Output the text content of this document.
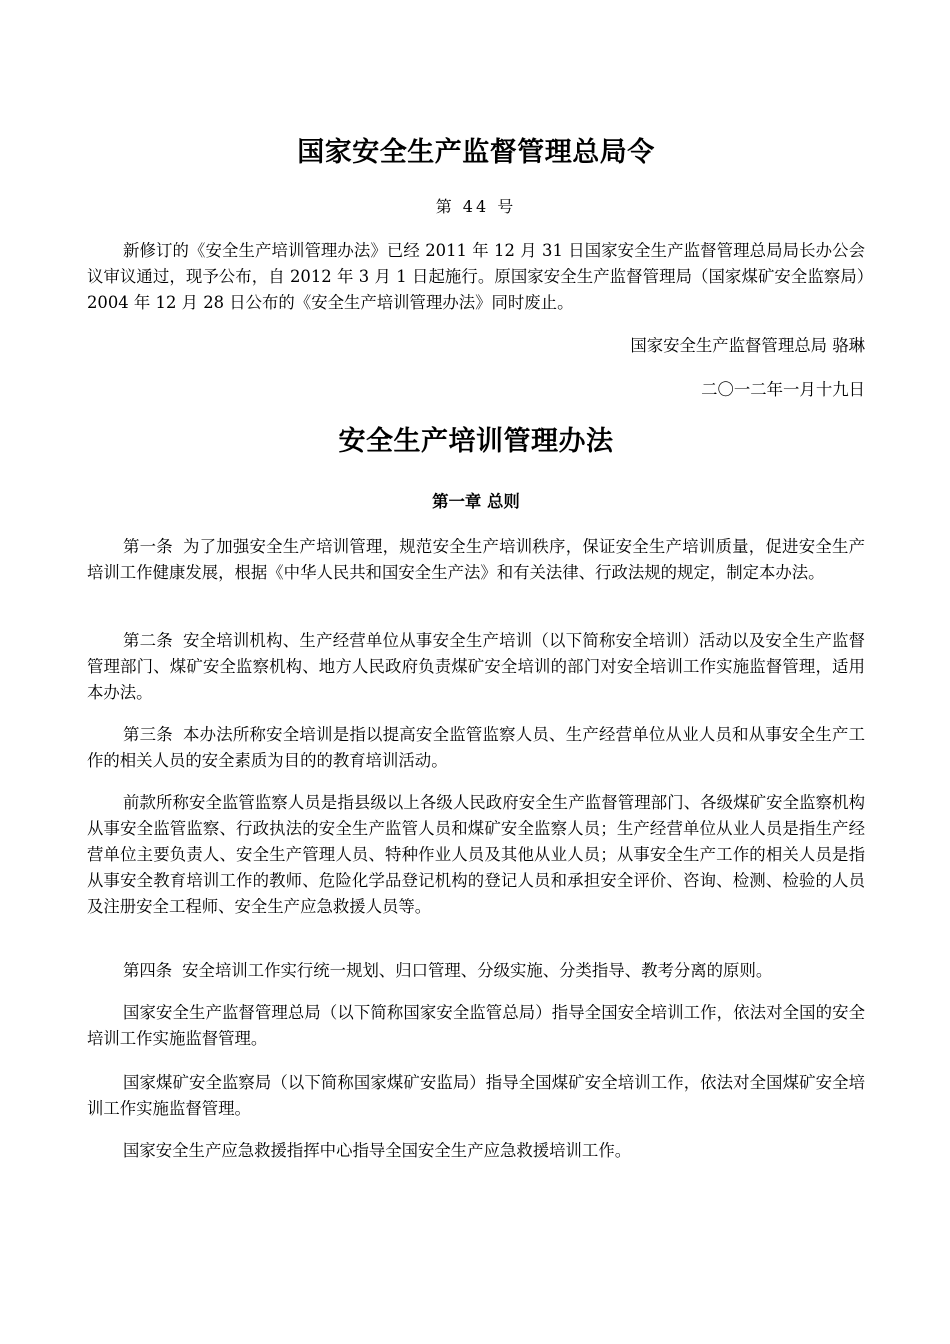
国家安全生产监督管理总局令
第 44 号

新修订的《安全生产培训管理办法》已经 2011 年 12 月 31 日国家安全生产监督管理总局局长办公会议审议通过，现予公布，自 2012 年 3 月 1 日起施行。原国家安全生产监督管理局（国家煤矿安全监察局）2004 年 12 月 28 日公布的《安全生产培训管理办法》同时废止。

国家安全生产监督管理总局 骆琳
二〇一二年一月十九日
安全生产培训管理办法
第一章 总则

第一条 为了加强安全生产培训管理，规范安全生产培训秩序，保证安全生产培训质量，促进安全生产培训工作健康发展，根据《中华人民共和国安全生产法》和有关法律、行政法规的规定，制定本办法。

第二条 安全培训机构、生产经营单位从事安全生产培训（以下简称安全培训）活动以及安全生产监督管理部门、煤矿安全监察机构、地方人民政府负责煤矿安全培训的部门对安全培训工作实施监督管理，适用本办法。

第三条 本办法所称安全培训是指以提高安全监管监察人员、生产经营单位从业人员和从事安全生产工作的相关人员的安全素质为目的的教育培训活动。

前款所称安全监管监察人员是指县级以上各级人民政府安全生产监督管理部门、各级煤矿安全监察机构从事安全监管监察、行政执法的安全生产监管人员和煤矿安全监察人员；生产经营单位从业人员是指生产经营单位主要负责人、安全生产管理人员、特种作业人员及其他从业人员；从事安全生产工作的相关人员是指从事安全教育培训工作的教师、危险化学品登记机构的登记人员和承担安全评价、咨询、检测、检验的人员及注册安全工程师、安全生产应急救援人员等。

第四条 安全培训工作实行统一规划、归口管理、分级实施、分类指导、教考分离的原则。

国家安全生产监督管理总局（以下简称国家安全监管总局）指导全国安全培训工作，依法对全国的安全培训工作实施监督管理。

国家煤矿安全监察局（以下简称国家煤矿安监局）指导全国煤矿安全培训工作，依法对全国煤矿安全培训工作实施监督管理。

国家安全生产应急救援指挥中心指导全国安全生产应急救援培训工作。
